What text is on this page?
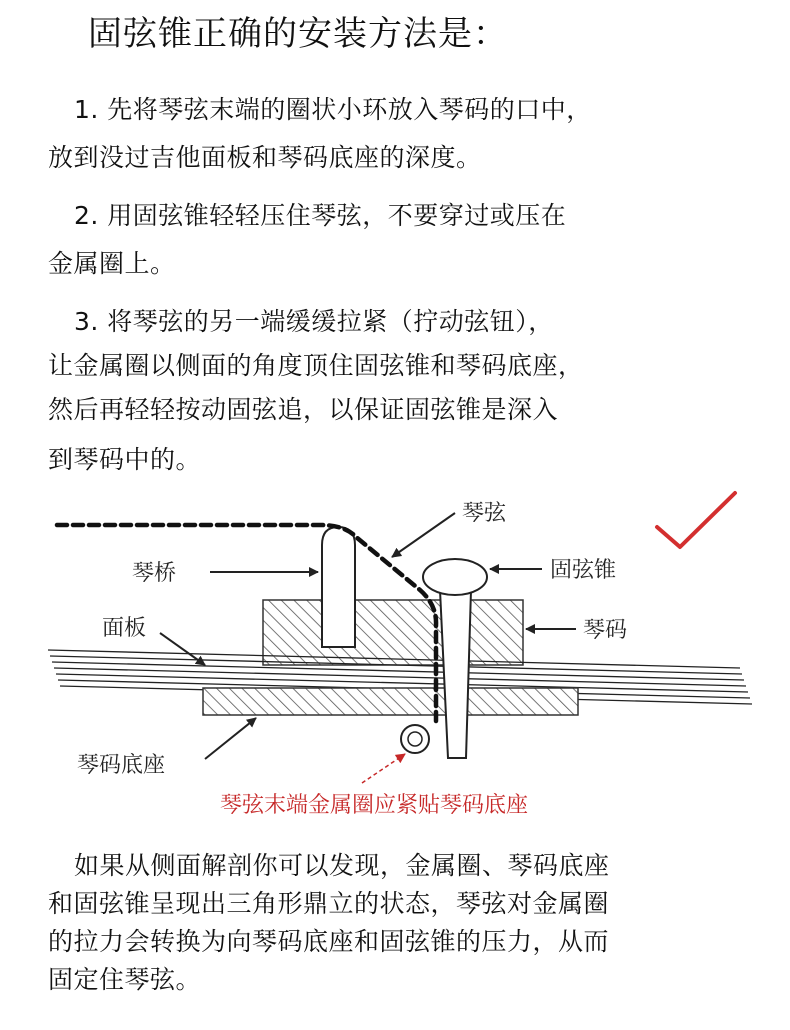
固弦锥正确的安装方法是：
1. 先将琴弦末端的圈状小环放入琴码的口中，
放到没过吉他面板和琴码底座的深度。
2. 用固弦锥轻轻压住琴弦，不要穿过或压在
金属圈上。
3. 将琴弦的另一端缓缓拉紧（拧动弦钮），
让金属圈以侧面的角度顶住固弦锥和琴码底座，
然后再轻轻按动固弦追，以保证固弦锥是深入
到琴码中的。
琴弦
琴桥	固弦锥
面板	琴码
琴码底座
琴弦末端金属圈应紧贴琴码底座
如果从侧面解剖你可以发现，金属圈、琴码底座
和固弦锥呈现出三角形鼎立的状态，琴弦对金属圈
的拉力会转换为向琴码底座和固弦锥的压力，从而
固定住琴弦。
